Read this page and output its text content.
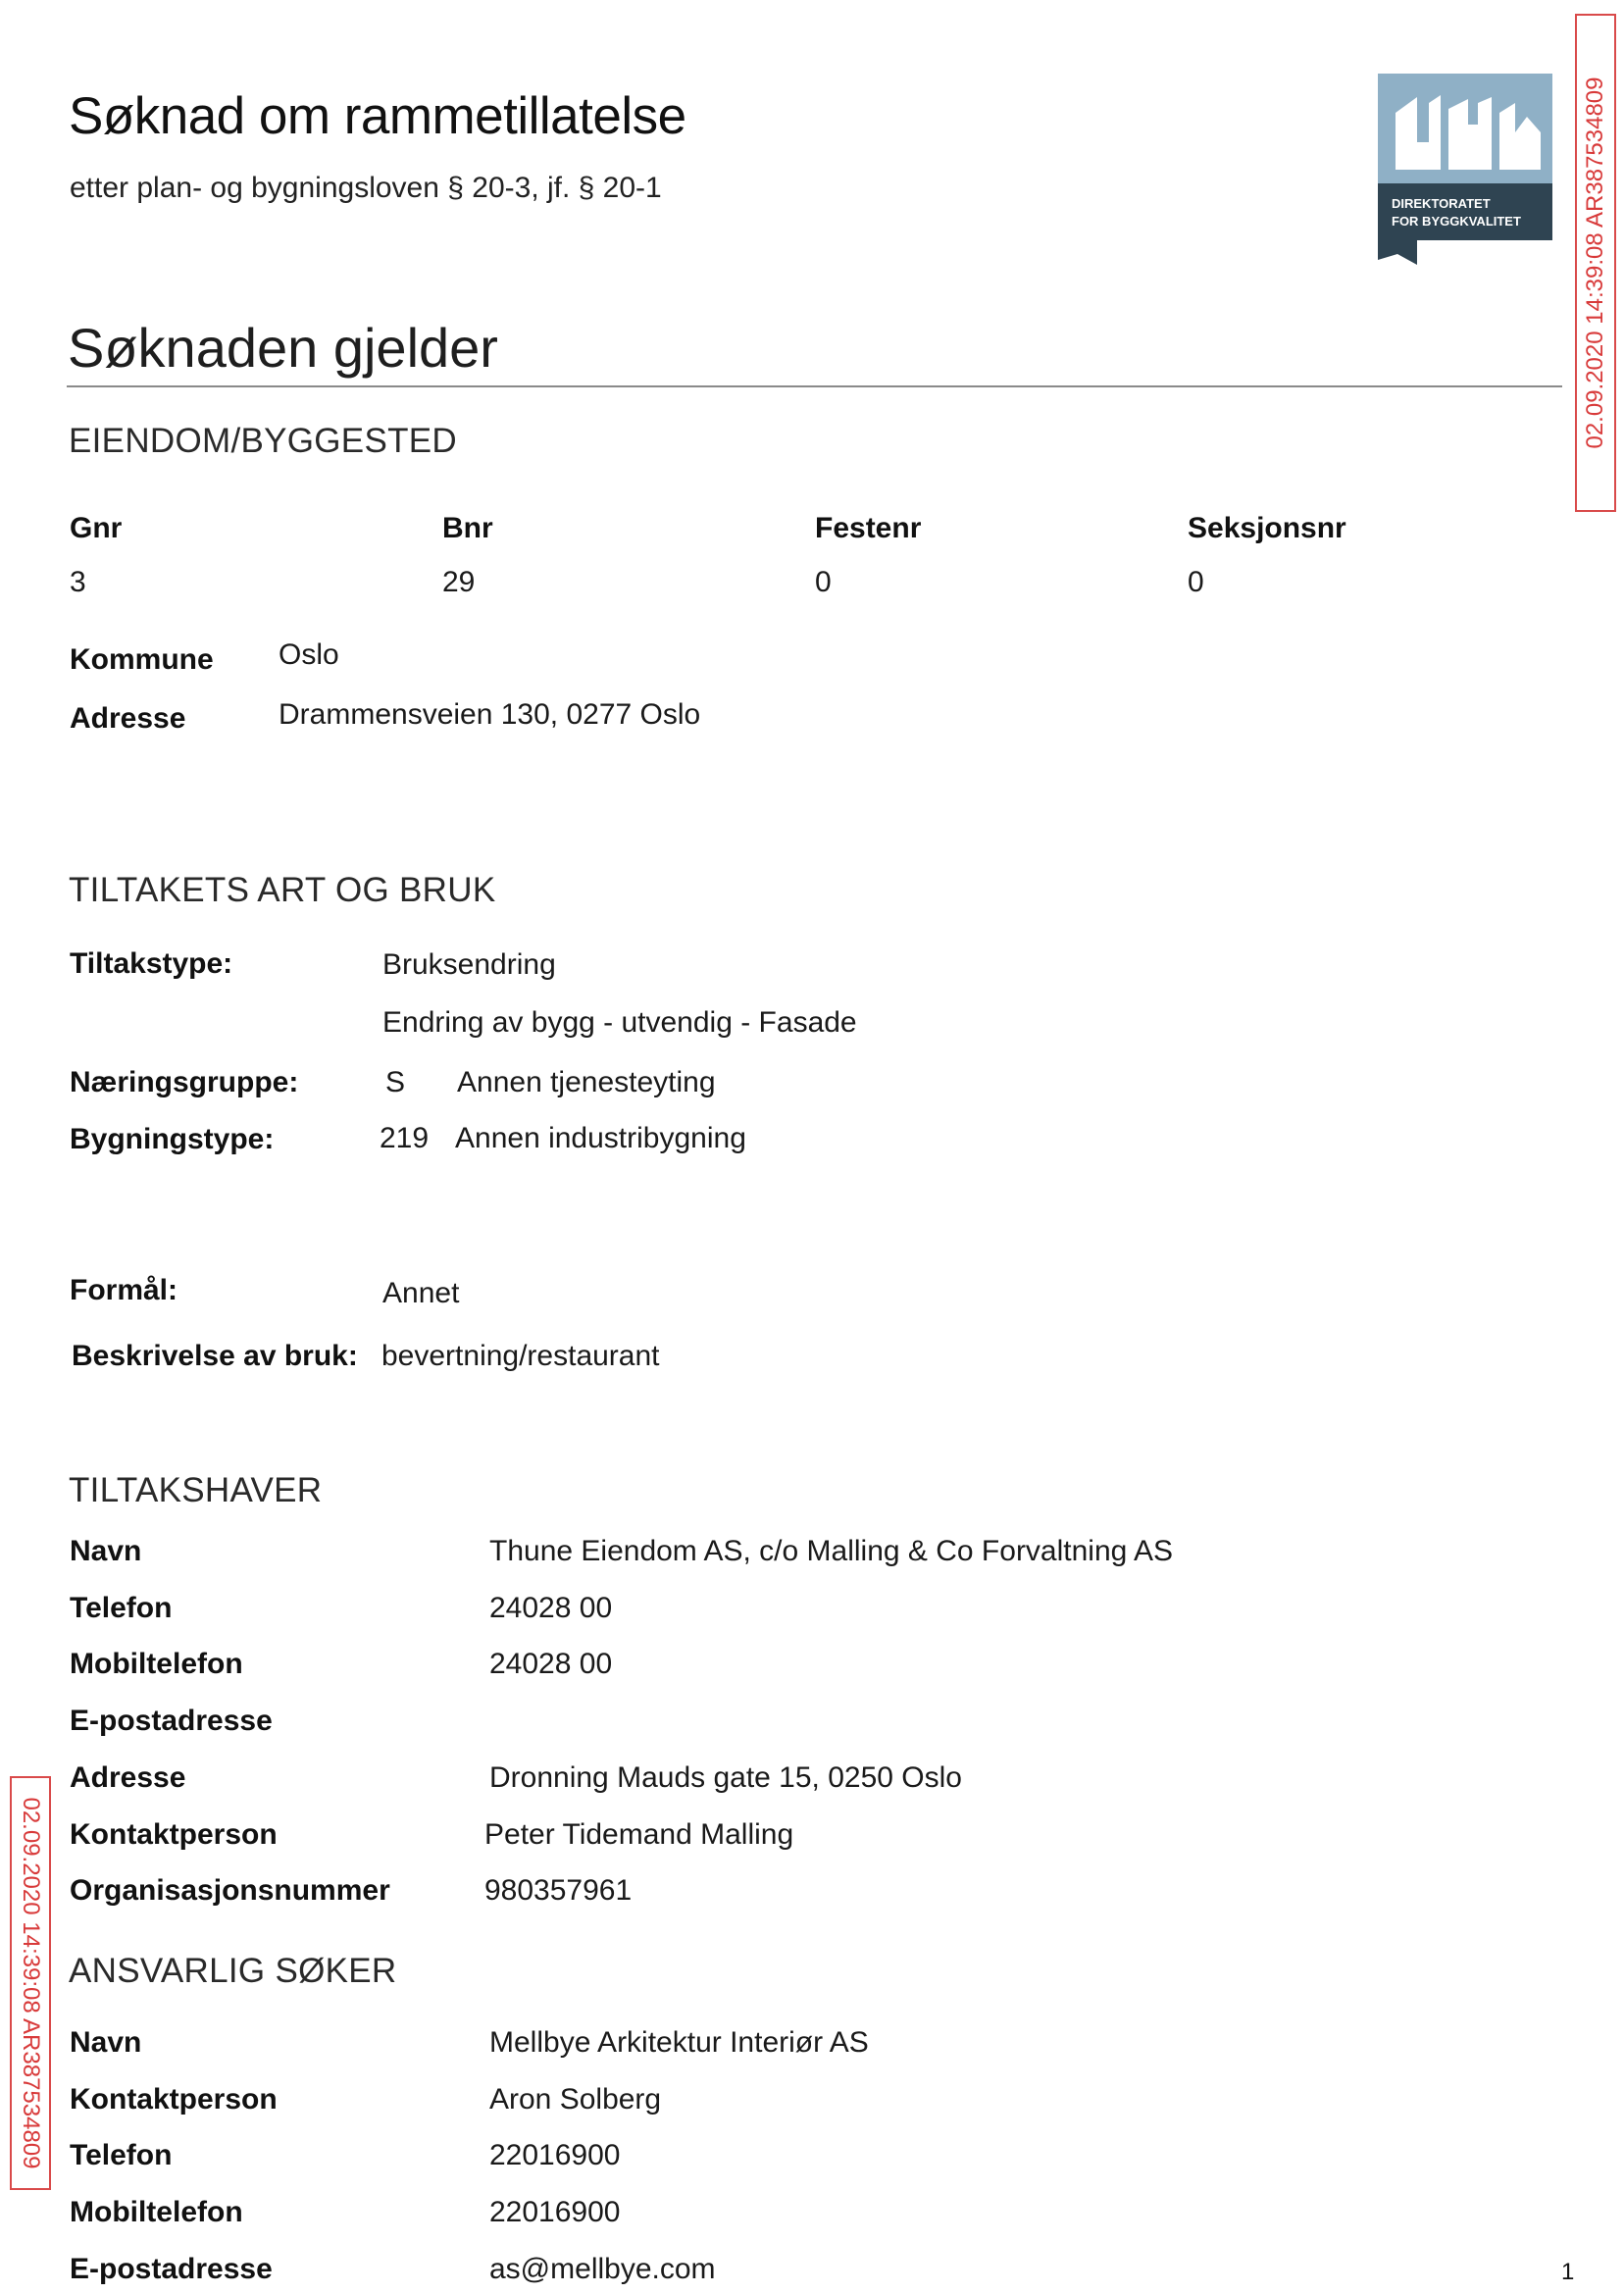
Søknad om rammetillatelse
etter plan- og bygningsloven § 20-3, jf. § 20-1	DIREKTORATET
FOR BYGGKVALITET	02.09.2020 14:39:08 AR387534809
02.09.2020 14:39:08 AR387534809
Søknaden gjelder
EIENDOM/BYGGESTED
Gnr	Bnr	Festenr	Seksjonsnr
3	29	0	0
Kommune Oslo
Adresse	Drammensveien 130, 0277 Oslo
TILTAKETS ART OG BRUK
Tiltakstype:	Bruksendring
Endring av bygg - utvendig - Fasade
Næringsgruppe:	S Annen tjenesteyting
Bygningstype:	219 Annen industribygning
Formål:	Annet
Beskrivelse av bruk: bevertning/restaurant
TILTAKSHAVER
Navn	Thune Eiendom AS, c/o Malling & Co Forvaltning AS
Telefon	24028 00
Mobiltelefon	24028 00
E-postadresse
Adresse	Dronning Mauds gate 15, 0250 Oslo
Kontaktperson	Peter Tidemand Malling
Organisasjonsnummer	980357961
ANSVARLIG SØKER
Navn	Mellbye Arkitektur Interiør AS
Kontaktperson	Aron Solberg
Telefon	22016900
Mobiltelefon	22016900
E-postadresse	as@mellbye.com	1
